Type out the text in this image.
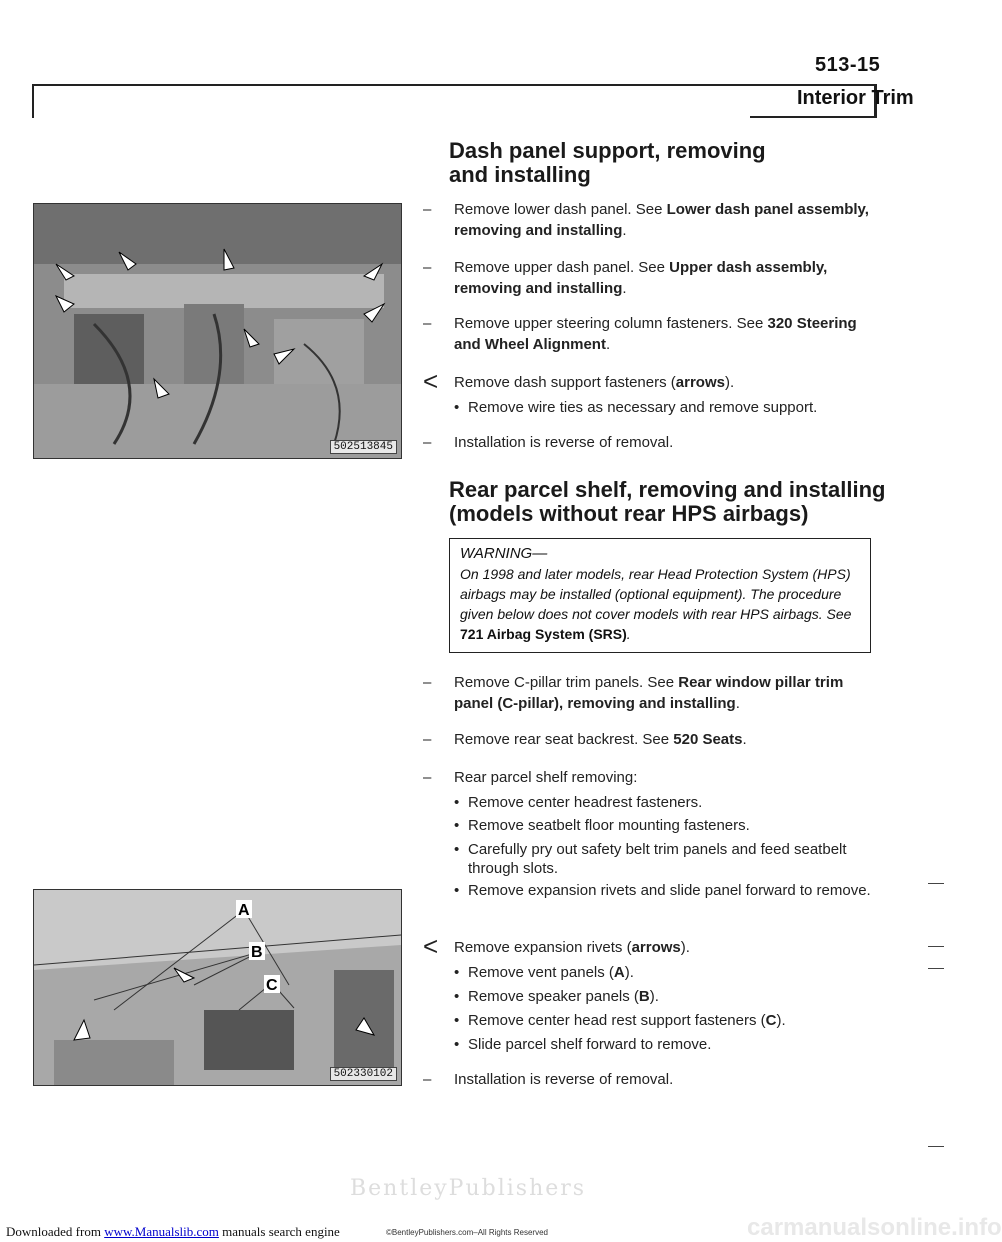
513-15
Interior Trim
Dash panel support, removing and installing
502513845
– Remove lower dash panel. See Lower dash panel assembly, removing and installing.
– Remove upper dash panel. See Upper dash assembly, removing and installing.
– Remove upper steering column fasteners. See 320 Steering and Wheel Alignment.
< Remove dash support fasteners (arrows).
• Remove wire ties as necessary and remove support.
– Installation is reverse of removal.
Rear parcel shelf, removing and installing (models without rear HPS airbags)
WARNING—
On 1998 and later models, rear Head Protection System (HPS) airbags may be installed (optional equipment). The procedure given below does not cover models with rear HPS airbags. See 721 Airbag System (SRS).
– Remove C-pillar trim panels. See Rear window pillar trim panel (C-pillar), removing and installing.
– Remove rear seat backrest. See 520 Seats.
– Rear parcel shelf removing:
• Remove center headrest fasteners.
• Remove seatbelt floor mounting fasteners.
• Carefully pry out safety belt trim panels and feed seatbelt through slots.
• Remove expansion rivets and slide panel forward to remove.
A
B
C
502330102
< Remove expansion rivets (arrows).
• Remove vent panels (A).
• Remove speaker panels (B).
• Remove center head rest support fasteners (C).
• Slide parcel shelf forward to remove.
– Installation is reverse of removal.
BentleyPublishers
Downloaded from www.Manualslib.com manuals search engine	©BentleyPublishers.com–All Rights Reserved	carmanualsonline.info
